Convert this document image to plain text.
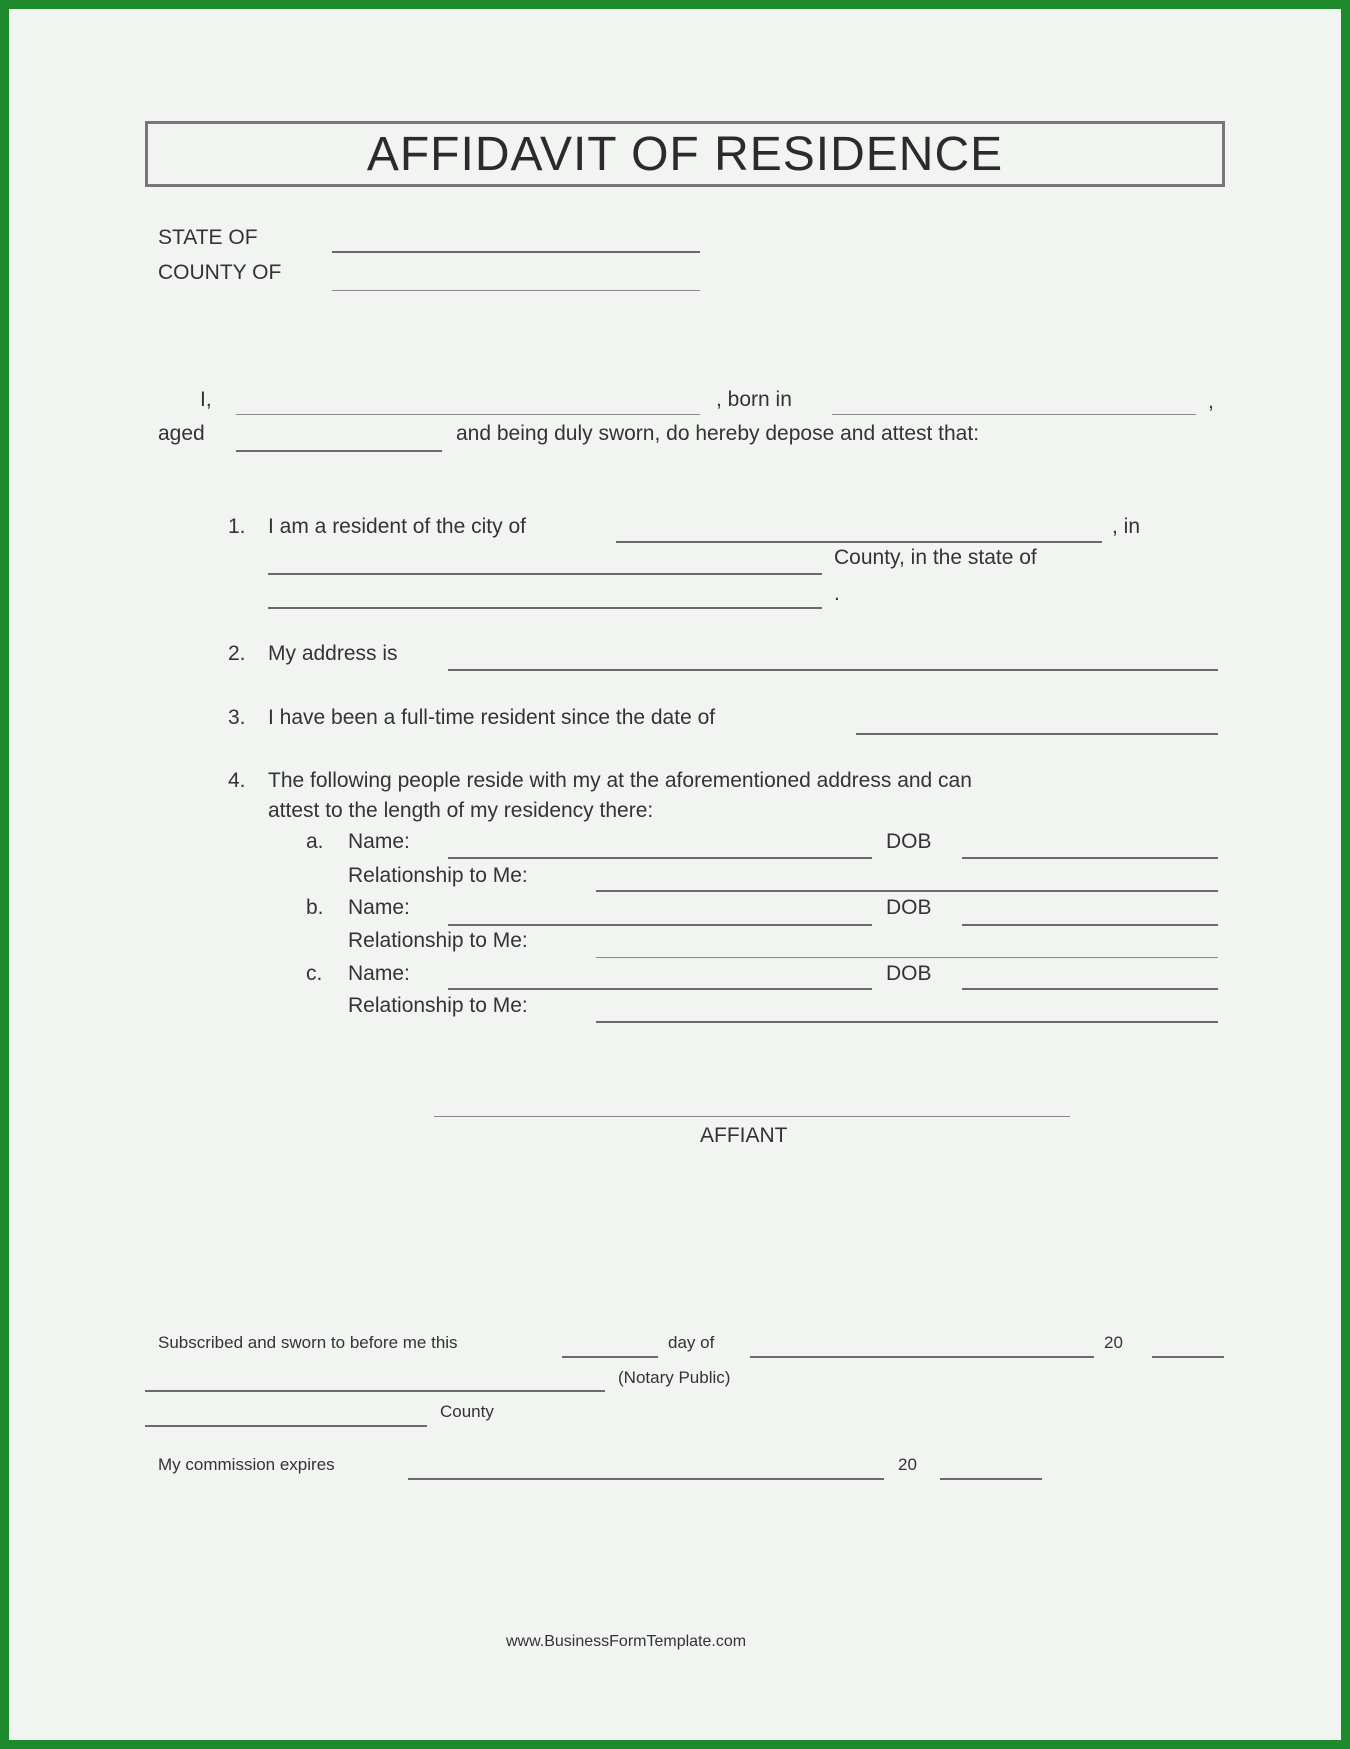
AFFIDAVIT OF RESIDENCE
STATE OF
COUNTY OF
I,	, born in	,
aged	and being duly sworn, do hereby depose and attest that:
1. I am a resident of the city of	, in
County, in the state of
.
2. My address is
3. I have been a full-time resident since the date of
4. The following people reside with my at the aforementioned address and can
attest to the length of my residency there:
a. Name:	DOB
Relationship to Me:
b. Name:	DOB
Relationship to Me:
c. Name:	DOB
Relationship to Me:
AFFIANT
Subscribed and sworn to before me this	day of	20
(Notary Public)
County
My commission expires	20
www.BusinessFormTemplate.com
